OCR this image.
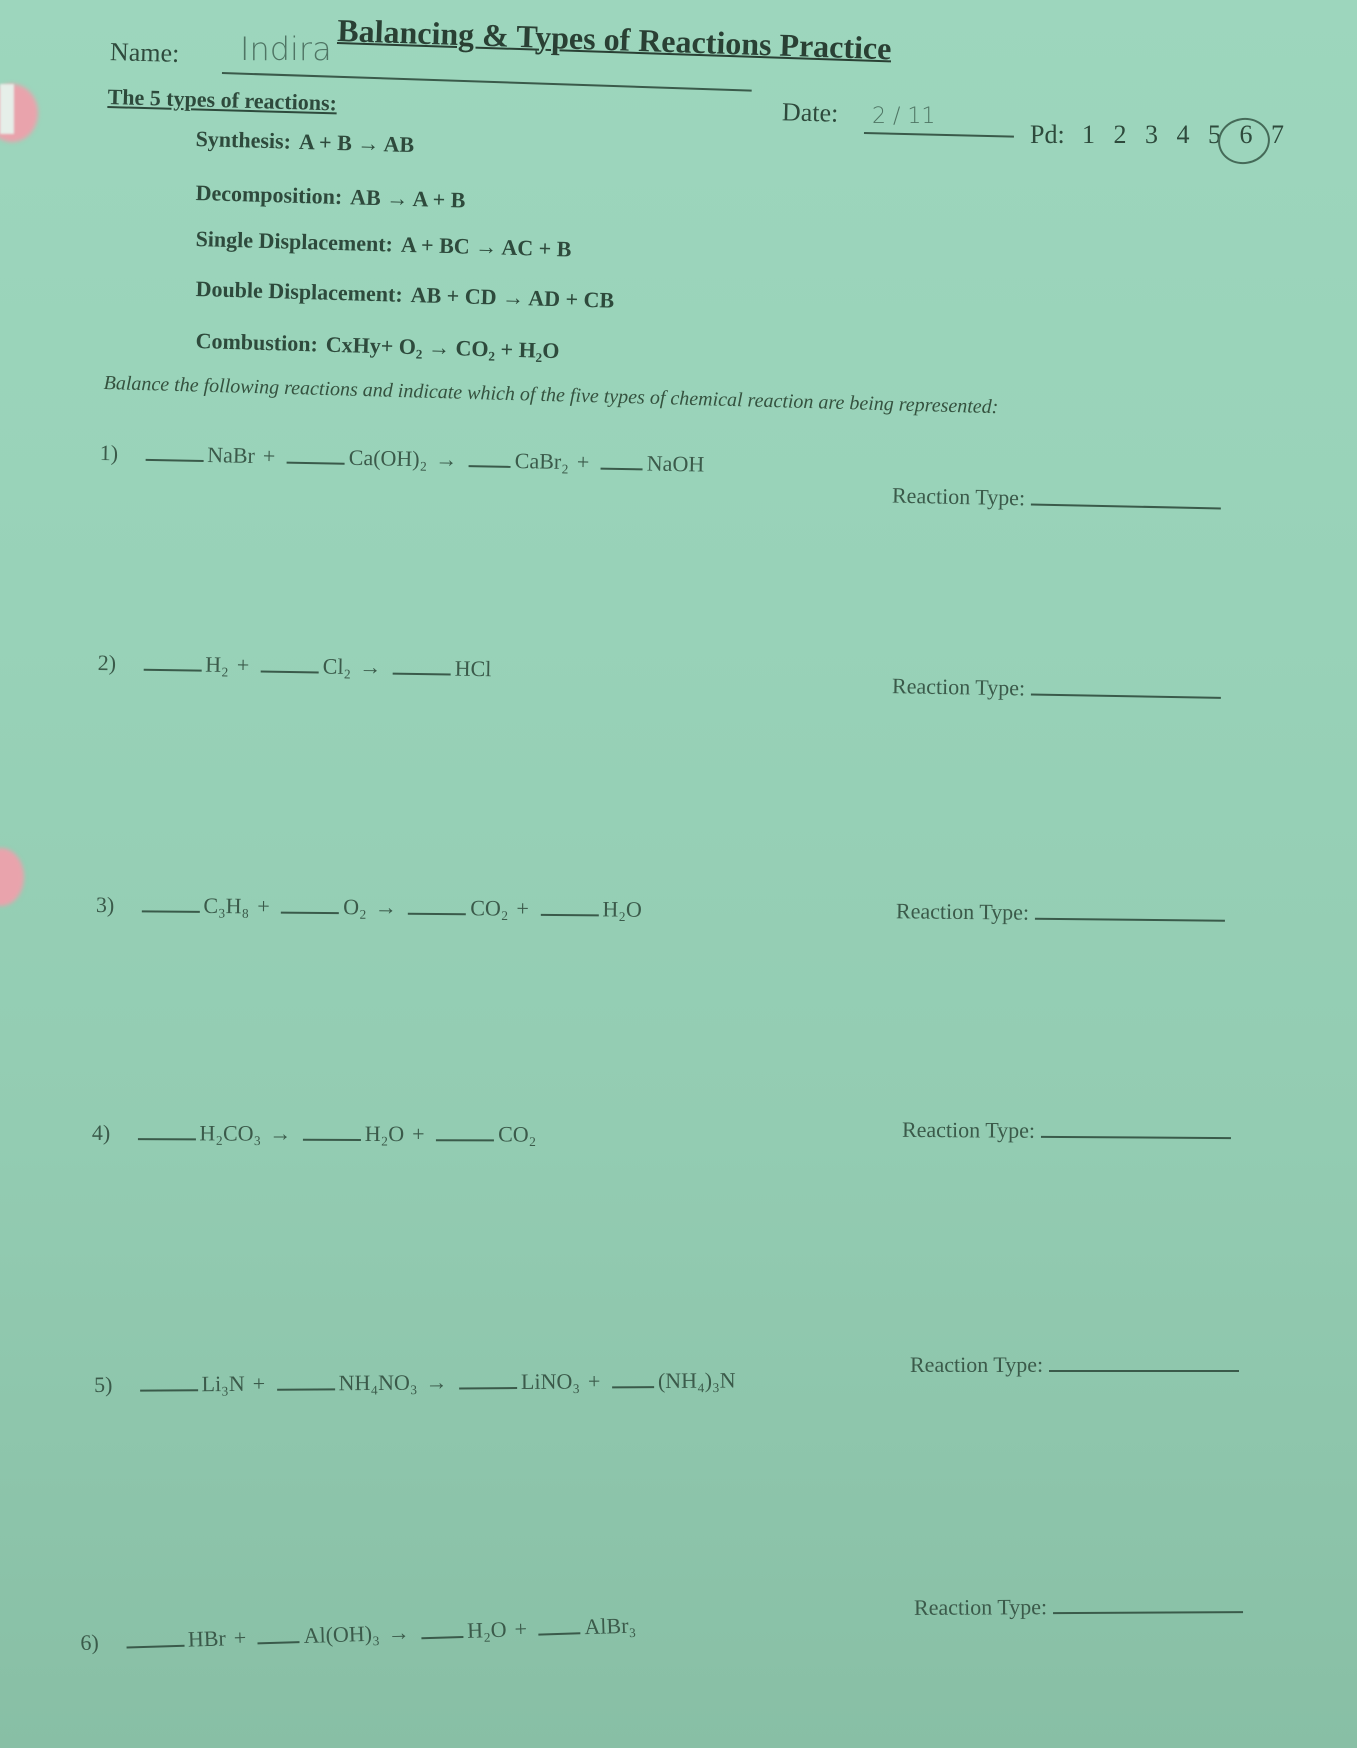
Balancing & Types of Reactions Practice
Name: Indira
The 5 types of reactions:	Date: 2 / 11
Pd: 1 2 3 4 5 6 7
Synthesis: A + B → AB
Decomposition: AB → A + B
Single Displacement: A + BC → AC + B
Double Displacement: AB + CD → AD + CB
Combustion: CxHy+ O₂ → CO₂ + H₂O
Balance the following reactions and indicate which of the five types of chemical reaction are being represented:
1)	NaBr +	Ca(OH)₂ →	CaBr₂ +	NaOH
Reaction Type:
2)	H₂ +	Cl₂ →	HCl
Reaction Type:
3)	C₃H₈ +	O₂ →	CO₂ +	H₂O	Reaction Type:
4)	H₂CO₃ →	H₂O +	CO₂	Reaction Type:
5)	Li₃N +	NH₄NO₃ →	LiNO₃ +	(NH₄)₃N
Reaction Type:
6)	HBr +	Al(OH)₃ →	H₂O +	AlBr₃
Reaction Type:
